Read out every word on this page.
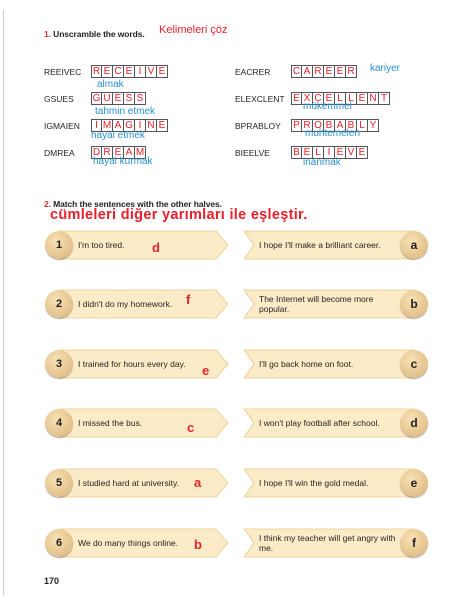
1. Unscramble the words. Kelimeleri çöz
REEIVEC	R E C E I V E
almak
GSUES	G U E S S
tahmin etmek
IGMAIEN	I M A G I N E
hayal etmek
DMREA	D R E A M
hayal kurmak
EACRER	C A R E E R kariyer
ELEXCLENT E X C E L L E N T
mükemmel
BPRABLOY	P R O B A B L Y
muhtemelen
BIEELVE	B E L I E V E
inanmak
2. Match the sentences with the other halves.
cümleleri diğer yarımları ile eşleştir.
1	I'm too tired.	I hope I'll make a brilliant career.	a
d
2	I didn't do my homework.	The Internet will become more popular.	b
f
3	I trained for hours every day.	I'll go back home on foot.	c
e
4	I missed the bus.	I won't play football after school.	d
c
5	I studied hard at university.	I hope I'll win the gold medal.	e
a
6	We do many things online.	I think my teacher will get angry with me.	f
b
170
